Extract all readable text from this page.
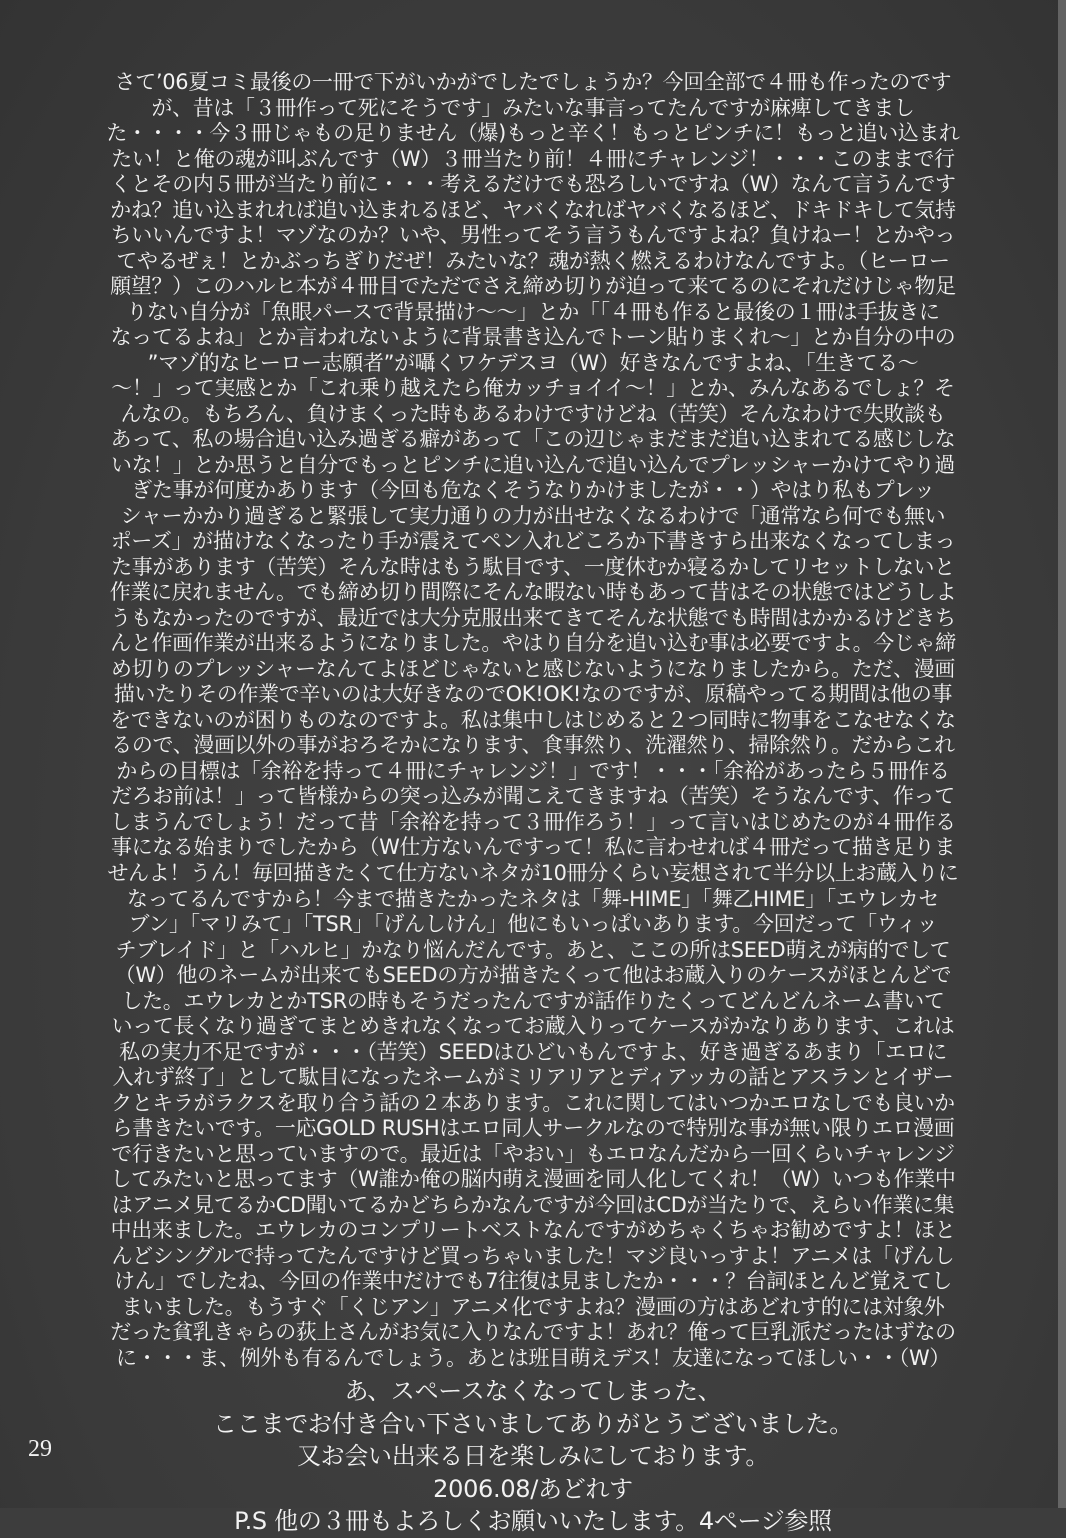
さて’06夏コミ最後の一冊で下がいかがでしたでしょうか？今回全部で４冊も作ったのです
が、昔は「３冊作って死にそうです」みたいな事言ってたんですが麻痺してきまし
た・・・・今３冊じゃもの足りません（爆)もっと辛く！もっとピンチに！もっと追い込まれ
たい！と俺の魂が叫ぶんです（W）３冊当たり前！４冊にチャレンジ！・・・このままで行
くとその内５冊が当たり前に・・・考えるだけでも恐ろしいですね（W）なんて言うんです
かね？追い込まれれば追い込まれるほど、ヤバくなればヤバくなるほど、ドキドキして気持
ちいいんですよ！マゾなのか？いや、男性ってそう言うもんですよね？負けねー！とかやっ
てやるぜぇ！とかぶっちぎりだぜ！みたいな？魂が熱く燃えるわけなんですよ。（ヒーロー
願望？）このハルヒ本が４冊目でただでさえ締め切りが迫って来てるのにそれだけじゃ物足
りない自分が「魚眼パースで背景描け～～」とか「「４冊も作ると最後の１冊は手抜きに
なってるよね」とか言われないように背景書き込んでトーン貼りまくれ～」とか自分の中の
”マゾ的なヒーロー志願者”が囁くワケデスヨ（W）好きなんですよね、「生きてる～
～！」って実感とか「これ乗り越えたら俺カッチョイイ～！」とか、みんなあるでしょ？そ
んなの。もちろん、負けまくった時もあるわけですけどね（苦笑）そんなわけで失敗談も
あって、私の場合追い込み過ぎる癖があって「この辺じゃまだまだ追い込まれてる感じしな
いな！」とか思うと自分でもっとピンチに追い込んで追い込んでプレッシャーかけてやり過
ぎた事が何度かあります（今回も危なくそうなりかけましたが・・）やはり私もプレッ
シャーかかり過ぎると緊張して実力通りの力が出せなくなるわけで「通常なら何でも無い
ポーズ」が描けなくなったり手が震えてペン入れどころか下書きすら出来なくなってしまっ
た事があります（苦笑）そんな時はもう駄目です、一度休むか寝るかしてリセットしないと
作業に戻れません。でも締め切り間際にそんな暇ない時もあって昔はその状態ではどうしよ
うもなかったのですが、最近では大分克服出来てきてそんな状態でも時間はかかるけどきち
んと作画作業が出来るようになりました。やはり自分を追い込む事は必要ですよ。今じゃ締
め切りのプレッシャーなんてよほどじゃないと感じないようになりましたから。ただ、漫画
描いたりその作業で辛いのは大好きなのでOK!OK!なのですが、原稿やってる期間は他の事
をできないのが困りものなのですよ。私は集中しはじめると２つ同時に物事をこなせなくな
るので、漫画以外の事がおろそかになります、食事然り、洗濯然り、掃除然り。だからこれ
からの目標は「余裕を持って４冊にチャレンジ！」です！・・・「余裕があったら５冊作る
だろお前は！」って皆様からの突っ込みが聞こえてきますね（苦笑）そうなんです、作って
しまうんでしょう！だって昔「余裕を持って３冊作ろう！」って言いはじめたのが４冊作る
事になる始まりでしたから（W仕方ないんですって！私に言わせれば４冊だって描き足りま
せんよ！うん！毎回描きたくて仕方ないネタが10冊分くらい妄想されて半分以上お蔵入りに
なってるんですから！今まで描きたかったネタは「舞-HIME」「舞乙HIME」「エウレカセ
ブン」「マリみて」「TSR」「げんしけん」他にもいっぱいあります。今回だって「ウィッ
チブレイド」と「ハルヒ」かなり悩んだんです。あと、ここの所はSEED萌えが病的でして
（W）他のネームが出来てもSEEDの方が描きたくって他はお蔵入りのケースがほとんどで
した。エウレカとかTSRの時もそうだったんですが話作りたくってどんどんネーム書いて
いって長くなり過ぎてまとめきれなくなってお蔵入りってケースがかなりあります、これは
私の実力不足ですが・・・（苦笑）SEEDはひどいもんですよ、好き過ぎるあまり「エロに
入れず終了」として駄目になったネームがミリアリアとディアッカの話とアスランとイザー
クとキラがラクスを取り合う話の２本あります。これに関してはいつかエロなしでも良いか
ら書きたいです。一応GOLD RUSHはエロ同人サークルなので特別な事が無い限りエロ漫画
で行きたいと思っていますので。最近は「やおい」もエロなんだから一回くらいチャレンジ
してみたいと思ってます（W誰か俺の脳内萌え漫画を同人化してくれ！（W）いつも作業中
はアニメ見てるかCD聞いてるかどちらかなんですが今回はCDが当たりで、えらい作業に集
中出来ました。エウレカのコンプリートベストなんですがめちゃくちゃお勧めですよ！ほと
んどシングルで持ってたんですけど買っちゃいました！マジ良いっすよ！アニメは「げんし
けん」でしたね、今回の作業中だけでも7往復は見ましたか・・・？台詞ほとんど覚えてし
まいました。もうすぐ「くじアン」アニメ化ですよね？漫画の方はあどれす的には対象外
だった貧乳きゃらの荻上さんがお気に入りなんですよ！あれ？俺って巨乳派だったはずなの
に・・・ま、例外も有るんでしょう。あとは班目萌えデス！友達になってほしい・・（W）
あ、スペースなくなってしまった、
ここまでお付き合い下さいましてありがとうございました。
又お会い出来る日を楽しみにしております。
2006.08/あどれす
P.S 他の３冊もよろしくお願いいたします。4ページ参照
29
